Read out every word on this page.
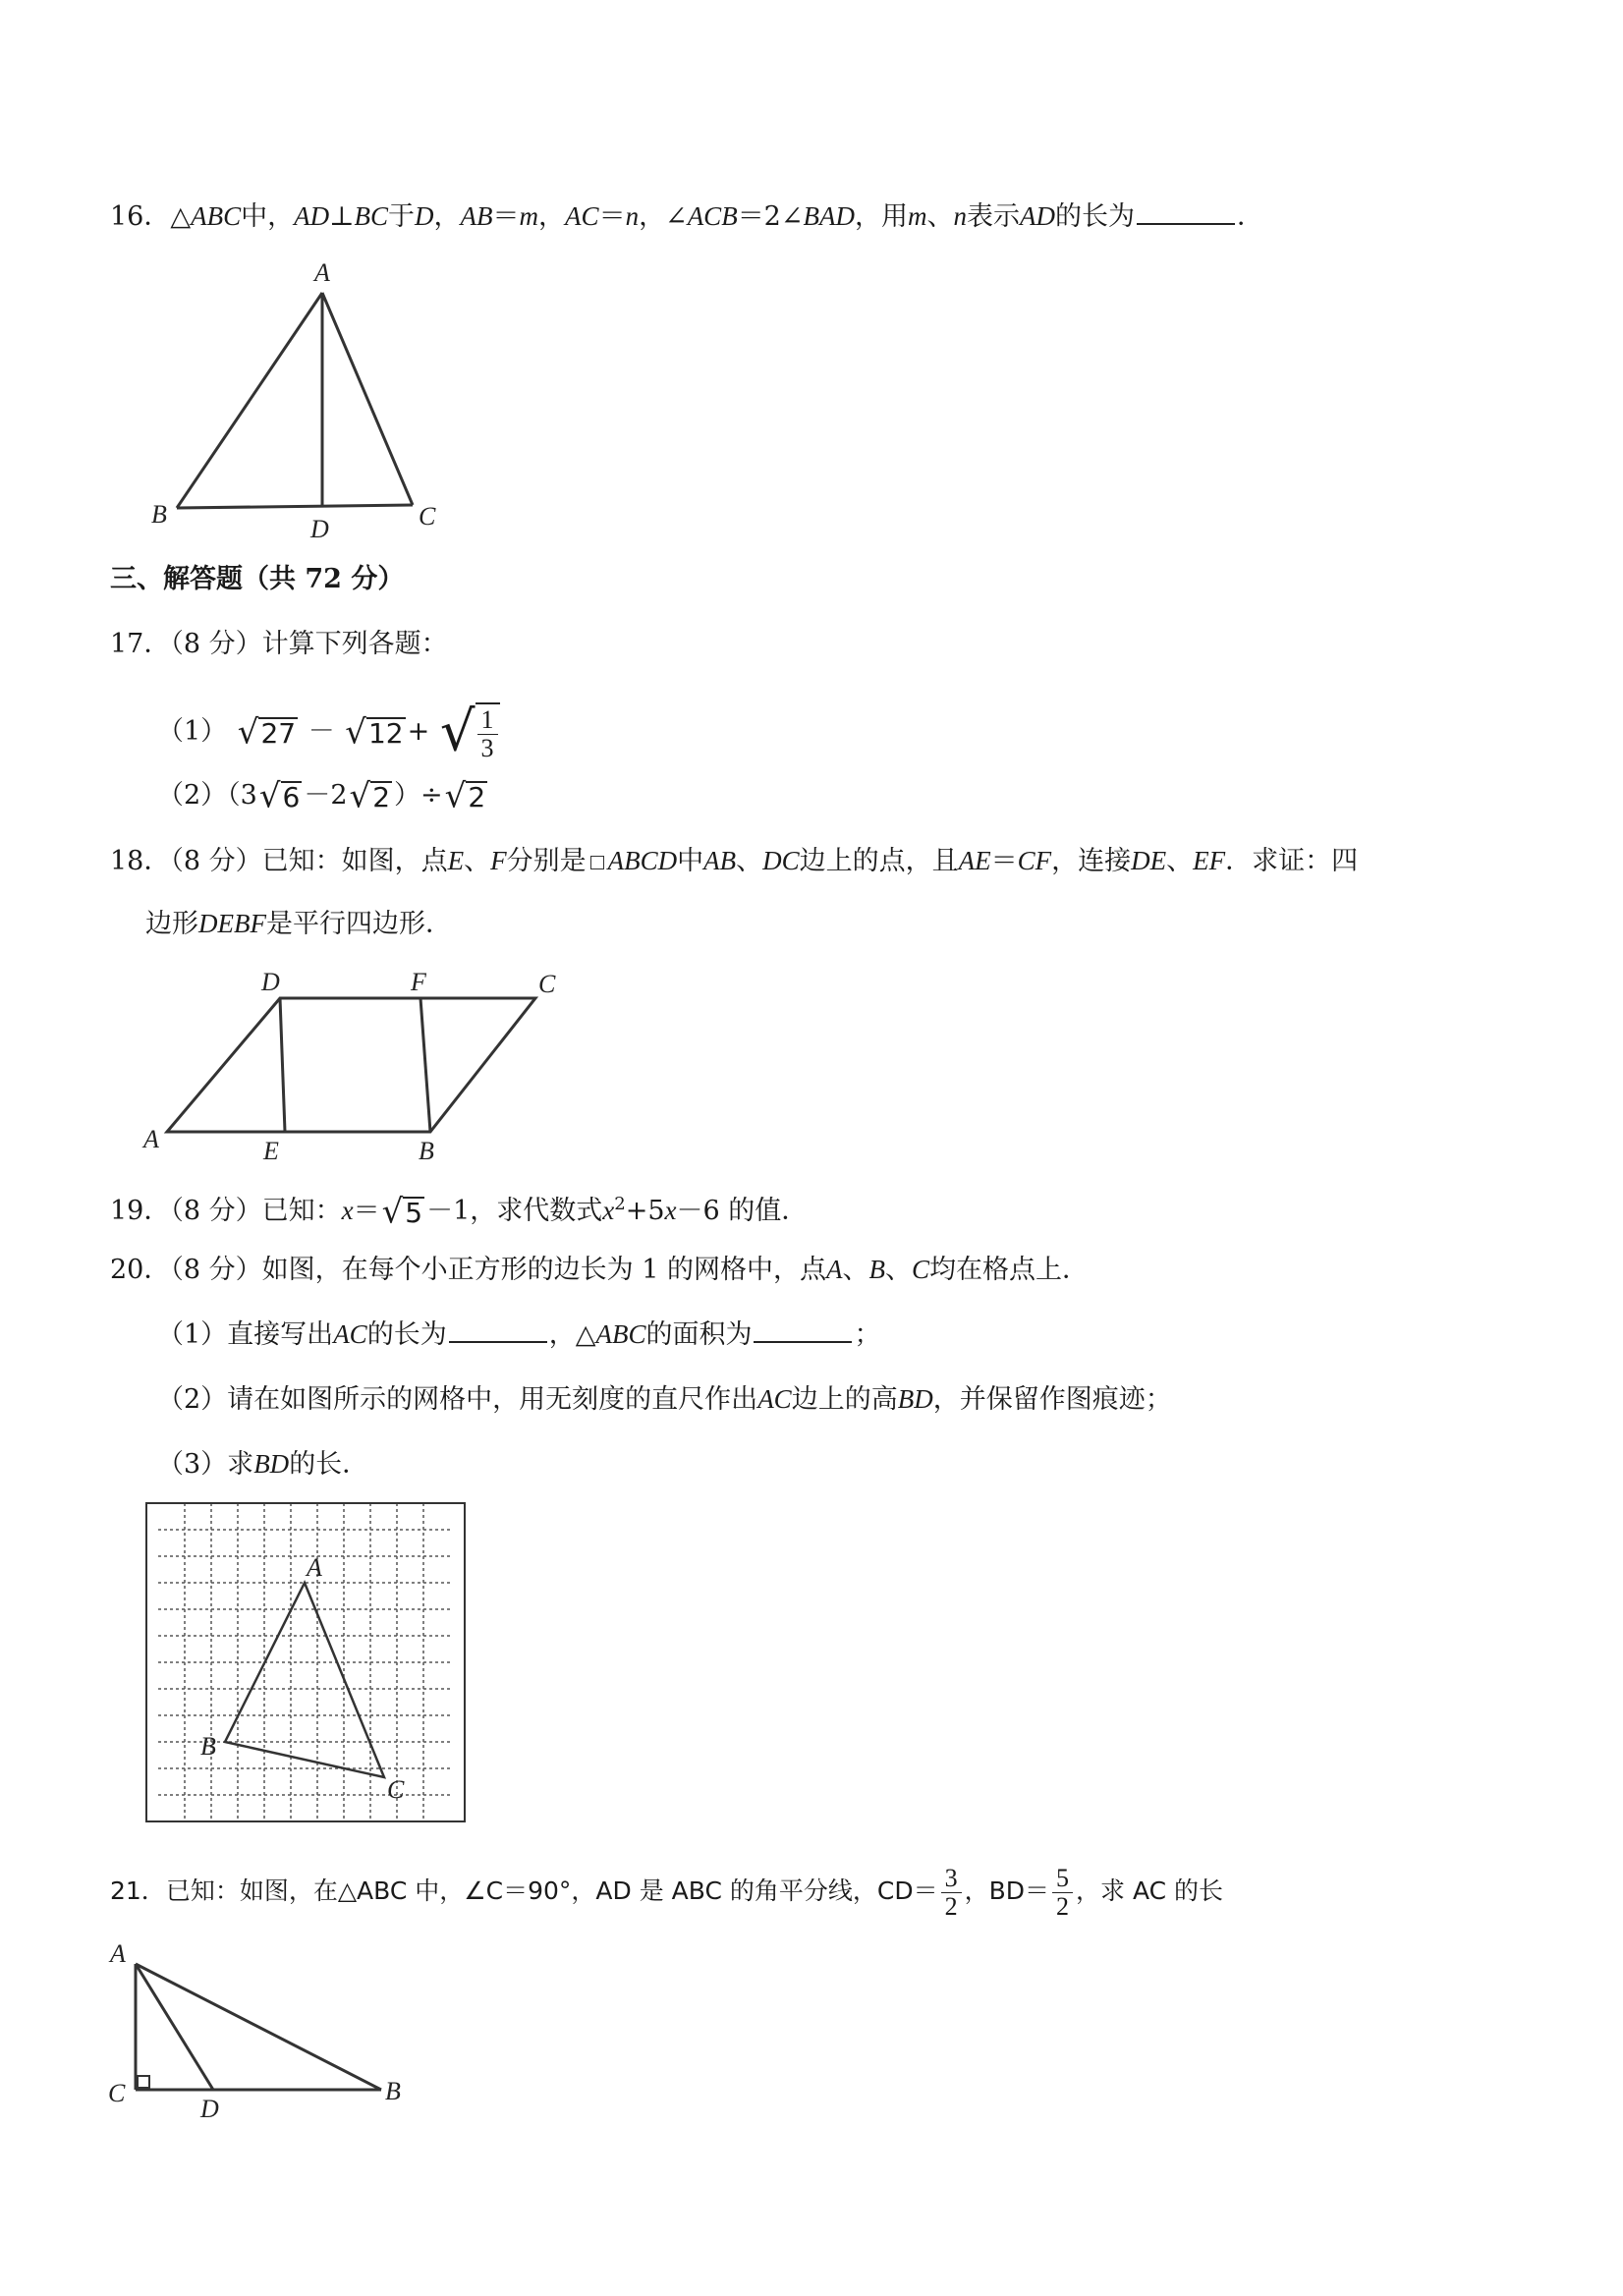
16．△ABC中，AD⊥BC于D，AB＝m，AC＝n，∠ACB＝2∠BAD，用m、n表示AD的长为	．
A
B
D	C
三、解答题（共 72 分）
17．（8 分）计算下列各题：
（1） √27 － √12 + √ $\frac{1}{3}$
（2）（3√6 －2√2 ）÷√2
18．（8 分）已知：如图，点E、F分别是 ABCD中AB、DC边上的点，且AE＝CF，连接DE、EF．求证：四
边形DEBF是平行四边形．
D	F	C
A	E	B
19．（8 分）已知：x＝√5 －1，求代数式$x^2+5x-6$ 的值．
20．（8 分）如图，在每个小正方形的边长为 1 的网格中，点A、B、C均在格点上．
（1）直接写出AC的长为	，△ABC的面积为	；
（2）请在如图所示的网格中，用无刻度的直尺作出AC边上的高BD，并保留作图痕迹；
（3）求BD的长．
A
B
C
21．已知：如图，在△ABC 中，∠C＝90°，AD 是 ABC 的角平分线，$CD= \frac{3}{2}$ ，$BD= \frac{5}{2}$ ，求 AC 的长
A
C
D
B
